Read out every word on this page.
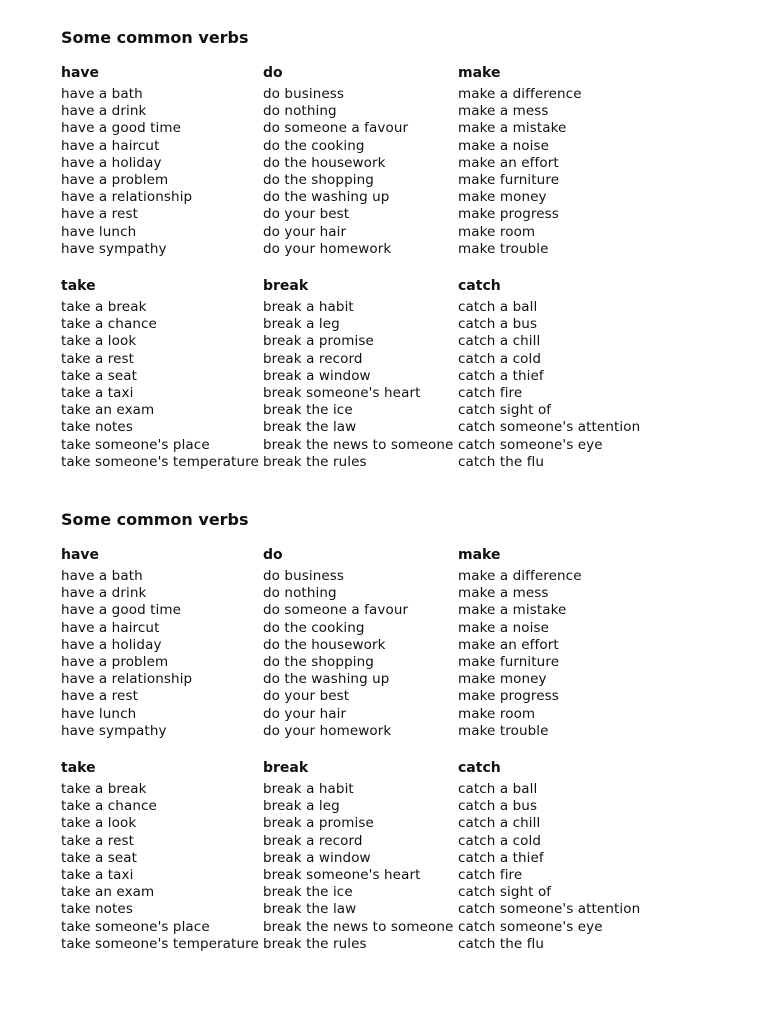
Some common verbs
have
have a bath
have a drink
have a good time
have a haircut
have a holiday
have a problem
have a relationship
have a rest
have lunch
have sympathy
do
do business
do nothing
do someone a favour
do the cooking
do the housework
do the shopping
do the washing up
do your best
do your hair
do your homework
make
make a difference
make a mess
make a mistake
make a noise
make an effort
make furniture
make money
make progress
make room
make trouble
take
take a break
take a chance
take a look
take a rest
take a seat
take a taxi
take an exam
take notes
take someone's place
take someone's temperature
break
break a habit
break a leg
break a promise
break a record
break a window
break someone's heart
break the ice
break the law
break the news to someone
break the rules
catch
catch a ball
catch a bus
catch a chill
catch a cold
catch a thief
catch fire
catch sight of
catch someone's attention
catch someone's eye
catch the flu
Some common verbs
have
have a bath
have a drink
have a good time
have a haircut
have a holiday
have a problem
have a relationship
have a rest
have lunch
have sympathy
do
do business
do nothing
do someone a favour
do the cooking
do the housework
do the shopping
do the washing up
do your best
do your hair
do your homework
make
make a difference
make a mess
make a mistake
make a noise
make an effort
make furniture
make money
make progress
make room
make trouble
take
take a break
take a chance
take a look
take a rest
take a seat
take a taxi
take an exam
take notes
take someone's place
take someone's temperature
break
break a habit
break a leg
break a promise
break a record
break a window
break someone's heart
break the ice
break the law
break the news to someone
break the rules
catch
catch a ball
catch a bus
catch a chill
catch a cold
catch a thief
catch fire
catch sight of
catch someone's attention
catch someone's eye
catch the flu
